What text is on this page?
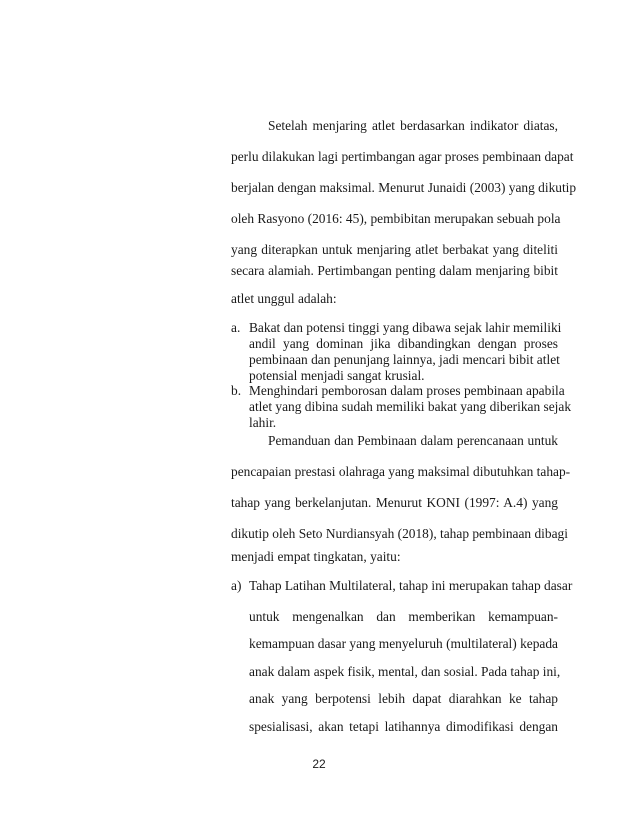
Setelah menjaring atlet berdasarkan indikator diatas,
perlu dilakukan lagi pertimbangan agar proses pembinaan dapat
berjalan dengan maksimal. Menurut Junaidi (2003) yang dikutip
oleh Rasyono (2016: 45), pembibitan merupakan sebuah pola
yang diterapkan untuk menjaring atlet berbakat yang diteliti
secara alamiah. Pertimbangan penting dalam menjaring bibit
atlet unggul adalah:
a. Bakat dan potensi tinggi yang dibawa sejak lahir memiliki
andil yang dominan jika dibandingkan dengan proses
pembinaan dan penunjang lainnya, jadi mencari bibit atlet
potensial menjadi sangat krusial.
b. Menghindari pemborosan dalam proses pembinaan apabila
atlet yang dibina sudah memiliki bakat yang diberikan sejak
lahir.
Pemanduan dan Pembinaan dalam perencanaan untuk
pencapaian prestasi olahraga yang maksimal dibutuhkan tahap-
tahap yang berkelanjutan. Menurut KONI (1997: A.4) yang
dikutip oleh Seto Nurdiansyah (2018), tahap pembinaan dibagi
menjadi empat tingkatan, yaitu:
a) Tahap Latihan Multilateral, tahap ini merupakan tahap dasar
untuk mengenalkan dan memberikan kemampuan-
kemampuan dasar yang menyeluruh (multilateral) kepada
anak dalam aspek fisik, mental, dan sosial. Pada tahap ini,
anak yang berpotensi lebih dapat diarahkan ke tahap
spesialisasi, akan tetapi latihannya dimodifikasi dengan
22
